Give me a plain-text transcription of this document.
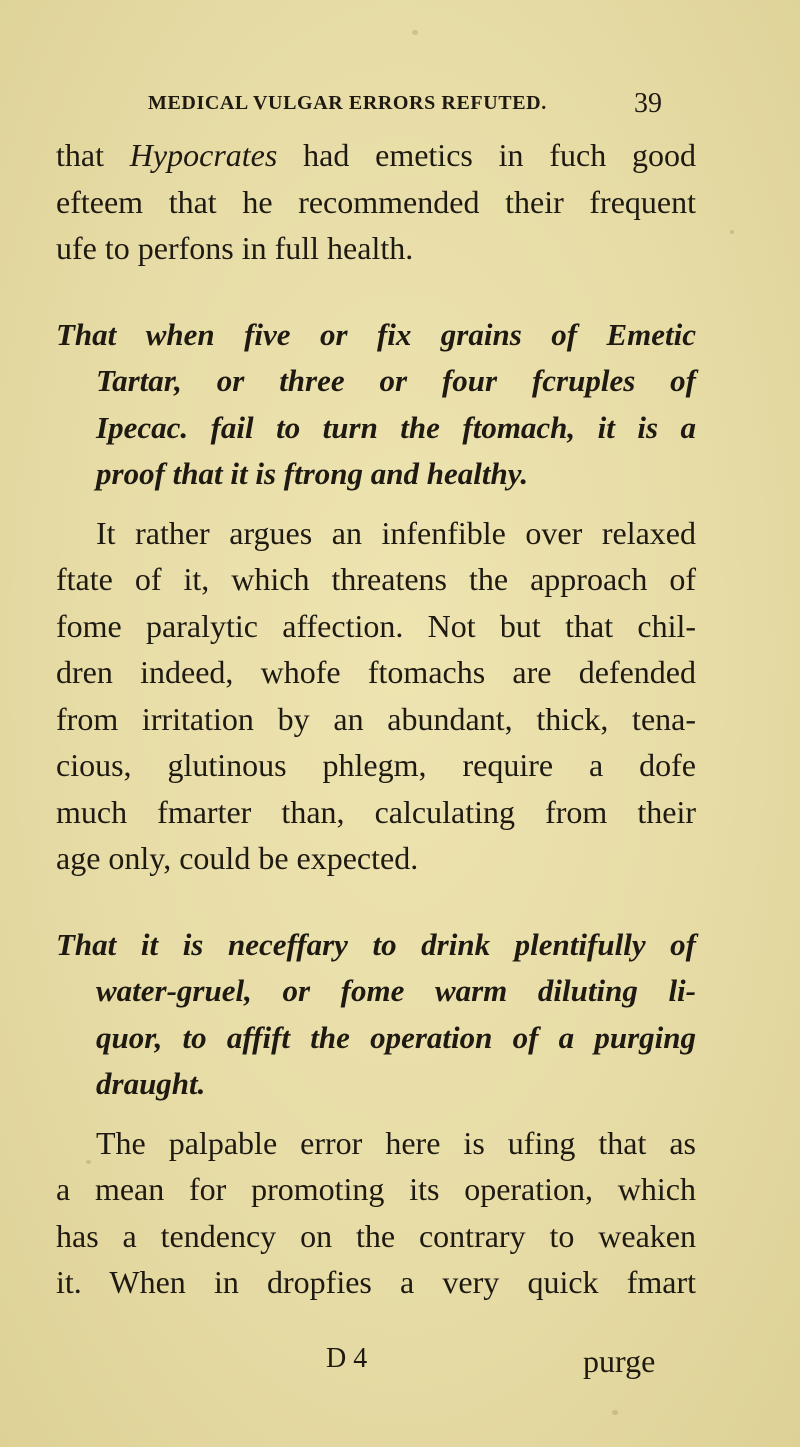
MEDICAL VULGAR ERRORS REFUTED.	39
that Hypocrates had emetics in fuch good
efteem that he recommended their frequent
ufe to perfons in full health.
That when five or fix grains of Emetic
Tartar, or three or four fcruples of
Ipecac. fail to turn the ftomach, it is a
proof that it is ftrong and healthy.
It rather argues an infenfible over relaxed
ftate of it, which threatens the approach of
fome paralytic affection. Not but that chil-
dren indeed, whofe ftomachs are defended
from irritation by an abundant, thick, tena-
cious, glutinous phlegm, require a dofe
much fmarter than, calculating from their
age only, could be expected.
That it is neceffary to drink plentifully of
water-gruel, or fome warm diluting li-
quor, to affift the operation of a purging
draught.
The palpable error here is ufing that as
a mean for promoting its operation, which
has a tendency on the contrary to weaken
it. When in dropfies a very quick fmart
D 4	purge
